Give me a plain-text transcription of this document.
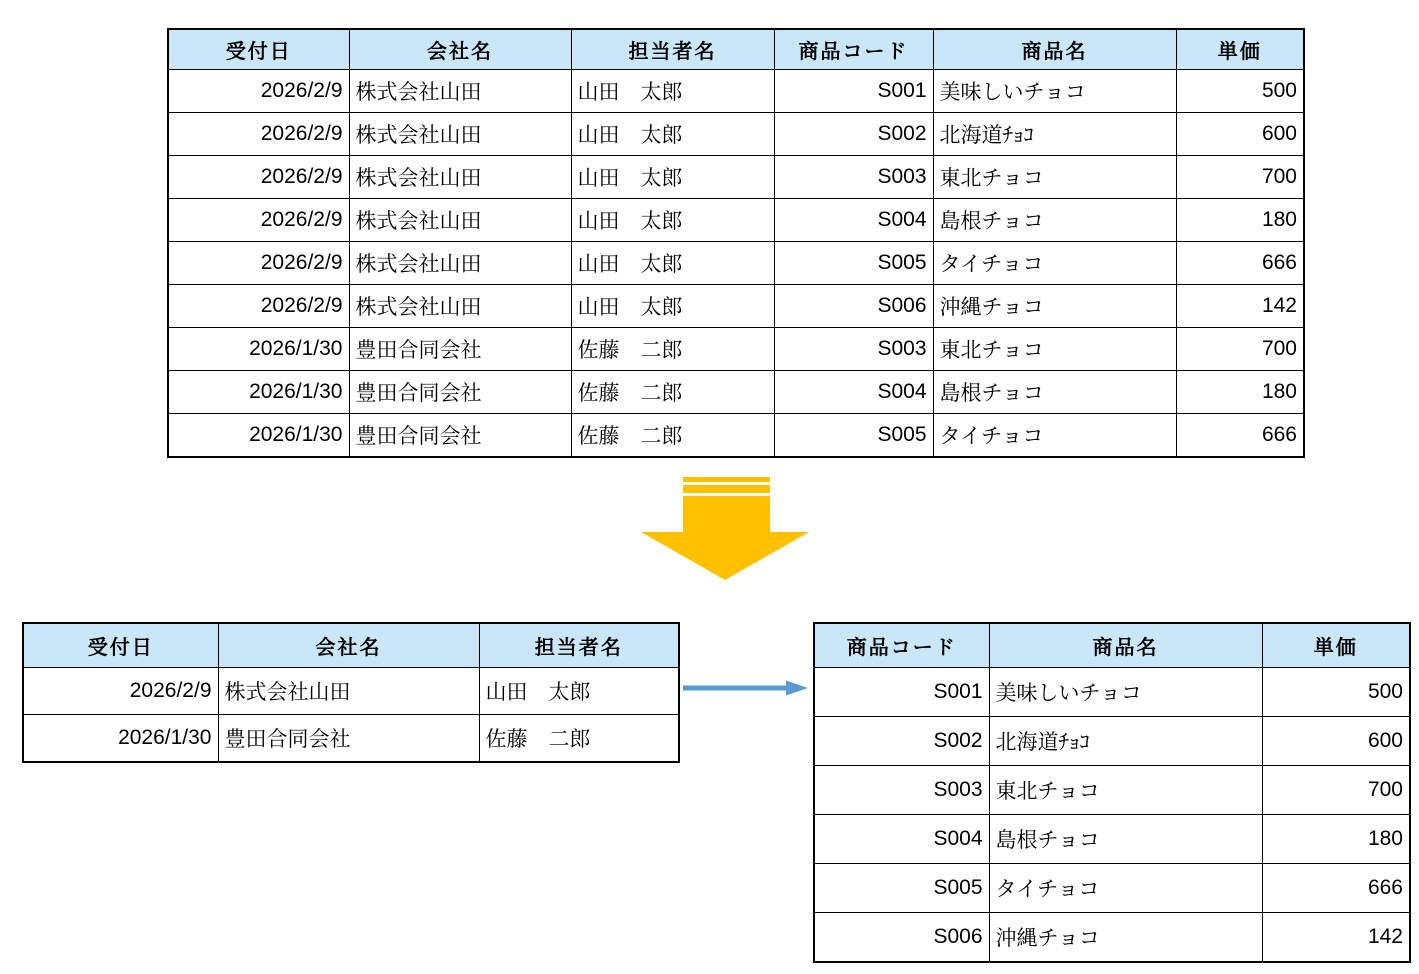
受付日	会社名	担当者名	商品コード	商品名	単価
2026/2/9	株式会社山田	山田　太郎	S001	美味しいチョコ	500
2026/2/9	株式会社山田	山田　太郎	S002	北海道ﾁｮｺ	600
2026/2/9	株式会社山田	山田　太郎	S003	東北チョコ	700
2026/2/9	株式会社山田	山田　太郎	S004	島根チョコ	180
2026/2/9	株式会社山田	山田　太郎	S005	タイチョコ	666
2026/2/9	株式会社山田	山田　太郎	S006	沖縄チョコ	142
2026/1/30	豊田合同会社	佐藤　二郎	S003	東北チョコ	700
2026/1/30	豊田合同会社	佐藤　二郎	S004	島根チョコ	180
2026/1/30	豊田合同会社	佐藤　二郎	S005	タイチョコ	666
受付日	会社名	担当者名
2026/2/9	株式会社山田	山田　太郎
2026/1/30	豊田合同会社	佐藤　二郎
商品コード	商品名	単価
S001	美味しいチョコ	500
S002	北海道ﾁｮｺ	600
S003	東北チョコ	700
S004	島根チョコ	180
S005	タイチョコ	666
S006	沖縄チョコ	142
